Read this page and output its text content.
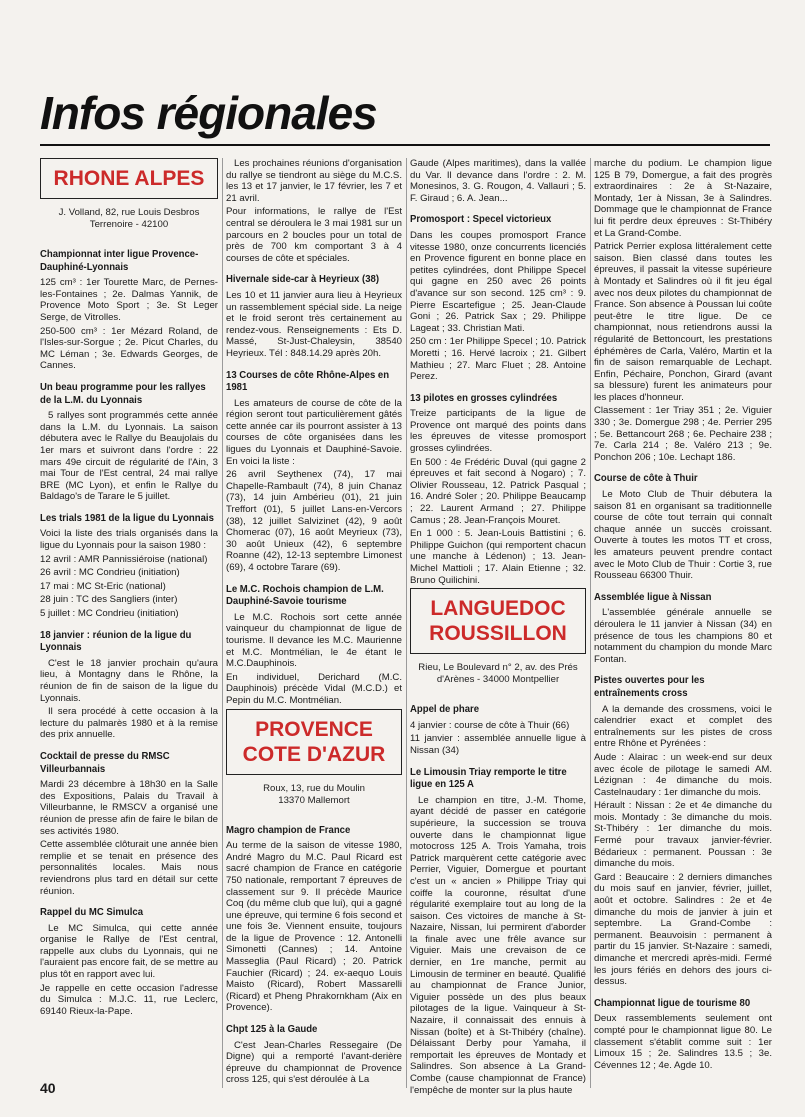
Infos régionales
RHONE ALPES
J. Volland, 82, rue Louis Desbros
Terrenoire - 42100
Championnat inter ligue Provence-Dauphiné-Lyonnais
125 cm³ : 1er Tourette Marc, de Pernes-les-Fontaines ; 2e. Dalmas Yannik, de Provence Moto Sport ; 3e. St Leger Serge, de Vitrolles.
250-500 cm³ : 1er Mézard Roland, de l'Isles-sur-Sorgue ; 2e. Picut Charles, du MC Léman ; 3e. Edwards Georges, de Cannes.
Un beau programme pour les rallyes de la L.M. du Lyonnais
5 rallyes sont programmés cette année dans la L.M. du Lyonnais. La saison débutera avec le Rallye du Beaujolais du 1er mars et suivront dans l'ordre : 22 mars 49e circuit de régularité de l'Ain, 3 mai Tour de l'Est central, 24 mai rallye BRE (MC Lyon), et enfin le Rallye du Baldago's de Tarare le 5 juillet.
Les trials 1981 de la ligue du Lyonnais
Voici la liste des trials organisés dans la ligue du Lyonnais pour la saison 1980 :
12 avril : AMR Pannissiéroise (national)
26 avril : MC Condrieu (initiation)
17 mai : MC St-Eric (national)
28 juin : TC des Sangliers (inter)
5 juillet : MC Condrieu (initiation)
18 janvier : réunion de la ligue du Lyonnais
C'est le 18 janvier prochain qu'aura lieu, à Montagny dans le Rhône, la réunion de fin de saison de la ligue du Lyonnais.
Il sera procédé à cette occasion à la lecture du palmarès 1980 et à la remise des prix annuelle.
Cocktail de presse du RMSC Villeurbannais
Mardi 23 décembre à 18h30 en la Salle des Expositions, Palais du Travail à Villeurbanne, le RMSCV a organisé une réunion de presse afin de faire le bilan de ses activités 1980.
Cette assemblée clôturait une année bien remplie et se tenait en présence des personnalités locales. Mais nous reviendrons plus tard en détail sur cette réunion.
Rappel du MC Simulca
Le MC Simulca, qui cette année organise le Rallye de l'Est central, rappelle aux clubs du Lyonnais, qui ne l'auraient pas encore fait, de se mettre au plus tôt en rapport avec lui.
Je rappelle en cette occasion l'adresse du Simulca : M.J.C. 11, rue Leclerc, 69140 Rieux-la-Pape.
Les prochaines réunions d'organisation du rallye se tiendront au siège du M.C.S. les 13 et 17 janvier, le 17 février, les 7 et 21 avril.
Pour informations, le rallye de l'Est central se déroulera le 3 mai 1981 sur un parcours en 2 boucles pour un total de près de 700 km comportant 3 à 4 courses de côte et spéciales.
Hivernale side-car à Heyrieux (38)
Les 10 et 11 janvier aura lieu à Heyrieux un rassemblement spécial side. La neige et le froid seront très certainement au rendez-vous. Renseignements : Ets D. Massé, St-Just-Chaleysin, 38540 Heyrieux. Tél : 848.14.29 après 20h.
13 Courses de côte Rhône-Alpes en 1981
Les amateurs de course de côte de la région seront tout particulièrement gâtés cette année car ils pourront assister à 13 courses de côte organisées dans les ligues du Lyonnais et Dauphiné-Savoie. En voici la liste :
26 avril Seythenex (74), 17 mai Chapelle-Rambault (74), 8 juin Chanaz (73), 14 juin Ambérieu (01), 21 juin Treffort (01), 5 juillet Lans-en-Vercors (38), 12 juillet Salvizinet (42), 9 août Chomerac (07), 16 août Meyrieux (73), 30 août Unieux (42), 6 septembre Roanne (42), 12-13 septembre Limonest (69), 4 octobre Tarare (69).
Le M.C. Rochois champion de L.M. Dauphiné-Savoie tourisme
Le M.C. Rochois sort cette année vainqueur du championnat de ligue de tourisme. Il devance les M.C. Maurienne et M.C. Montmélian, le 4e étant le M.C.Dauphinois.
En individuel, Derichard (M.C. Dauphinois) précède Vidal (M.C.D.) et Pepin du M.C. Montmélian.
PROVENCE COTE D'AZUR
Roux, 13, rue du Moulin
13370 Mallemort
Magro champion de France
Au terme de la saison de vitesse 1980, André Magro du M.C. Paul Ricard est sacré champion de France en catégorie 750 nationale, remportant 7 épreuves de classement sur 9. Il précède Maurice Coq (du même club que lui), qui a gagné une épreuve, qui termine 6 fois second et une fois 3e. Viennent ensuite, toujours de la ligue de Provence : 12. Antonelli Simonetti (Cannes) ; 14. Antoine Masseglia (Paul Ricard) ; 20. Patrick Fauchier (Ricard) ; 24. ex-aequo Louis Maisto (Ricard), Robert Massarelli (Ricard) et Pheng Phrakornkham (Aix en Provence).
Chpt 125 à la Gaude
C'est Jean-Charles Ressegaire (De Digne) qui a remporté l'avant-derière épreuve du championnat de Provence cross 125, qui s'est déroulée à La
Gaude (Alpes maritimes), dans la vallée du Var. Il devance dans l'ordre : 2. M. Monesinos, 3. G. Rougon, 4. Vallauri ; 5. F. Giraud ; 6. A. Jean...
Promosport : Specel victorieux
Dans les coupes promosport France vitesse 1980, onze concurrents licenciés en Provence figurent en bonne place en petites cylindrées, dont Philippe Specel qui gagne en 250 avec 26 points d'avance sur son second. 125 cm³ : 9. Pierre Escartefigue ; 25. Jean-Claude Goni ; 26. Patrick Sax ; 29. Philippe Lageat ; 33. Christian Mati.
250 cm : 1er Philippe Specel ; 10. Patrick Moretti ; 16. Hervé lacroix ; 21. Gilbert Mathieu ; 27. Marc Fluet ; 28. Antoine Perez.
13 pilotes en grosses cylindrées
Treize participants de la ligue de Provence ont marqué des points dans les épreuves de vitesse promosport grosses cylindrées.
En 500 : 4e Frédéric Duval (qui gagne 2 épreuves et fait second à Nogaro) ; 7. Olivier Rousseau, 12. Patrick Pasqual ; 16. André Soler ; 20. Philippe Beaucamp ; 22. Laurent Armand ; 27. Philippe Camus ; 28. Jean-François Mouret.
En 1 000 : 5. Jean-Louis Battistini ; 6. Philippe Guichon (qui remportent chacun une manche à Lédenon) ; 13. Jean-Michel Mattioli ; 17. Alain Etienne ; 32. Bruno Quilichini.
LANGUEDOC ROUSSILLON
Rieu, Le Boulevard n° 2, av. des Prés
d'Arènes - 34000 Montpellier
Appel de phare
4 janvier : course de côte à Thuir (66)
11 janvier : assemblée annuelle ligue à Nissan (34)
Le Limousin Triay remporte le titre ligue en 125 A
Le champion en titre, J.-M. Thome, ayant décidé de passer en catégorie supérieure, la succession se trouva ouverte dans le championnat ligue motocross 125 A. Trois Yamaha, trois Patrick marquèrent cette catégorie avec Perrier, Viguier, Domergue et pourtant c'est un « ancien » Philippe Triay qui coiffe la couronne, résultat d'une régularité exemplaire tout au long de la saison. Ces victoires de manche à St-Nazaire, Nissan, lui permirent d'aborder la finale avec une frêle avance sur Viguier. Mais une crevaison de ce dernier, en 1re manche, permit au Limousin de terminer en beauté. Qualifié au championnat de France Junior, Viguier possède un des plus beaux pilotages de la ligue. Vainqueur à St-Nazaire, il connaissait des ennuis à Nissan (boîte) et à St-Thibéry (chaîne). Délaissant Derby pour Yamaha, il remportait les épreuves de Montady et Salindres. Son absence à La Grand-Combe (cause championnat de France) l'empêche de monter sur la plus haute
marche du podium. Le champion ligue 125 B 79, Domergue, a fait des progrès extraordinaires : 2e à St-Nazaire, Montady, 1er à Nissan, 3e à Salindres. Dommage que le championnat de France lui fit perdre deux épreuves : St-Thibéry et La Grand-Combe.
Patrick Perrier explosa littéralement cette saison. Bien classé dans toutes les épreuves, il passait la vitesse supérieure à Montady et Salindres où il fit jeu égal avec nos deux pilotes du championnat de France. Son absence à Poussan lui coûte peut-être le titre ligue. De ce championnat, nous retiendrons aussi la régularité de Bettoncourt, les prestations éphémères de Carla, Valéro, Martin et la fin de saison remarquable de Lechapt. Enfin, Péchaire, Ponchon, Girard (avant sa blessure) furent les animateurs pour les places d'honneur.
Classement : 1er Triay 351 ; 2e. Viguier 330 ; 3e. Domergue 298 ; 4e. Perrier 295 ; 5e. Bettancourt 268 ; 6e. Pechaire 238 ; 7e. Carla 214 ; 8e. Valéro 213 ; 9e. Ponchon 206 ; 10e. Lechapt 186.
Course de côte à Thuir
Le Moto Club de Thuir débutera la saison 81 en organisant sa traditionnelle course de côte tout terrain qui connaît chaque année un succès croissant. Ouverte à toutes les motos TT et cross, les amateurs peuvent prendre contact avec le Moto Club de Thuir : Cortie 3, rue Rousseau 66300 Thuir.
Assemblée ligue à Nissan
L'assemblée générale annuelle se déroulera le 11 janvier à Nissan (34) en présence de tous les champions 80 et notamment du champion du monde Marc Fontan.
Pistes ouvertes pour les entraînements cross
A la demande des crossmens, voici le calendrier exact et complet des entraînements sur les pistes de cross entre Rhône et Pyrénées :
Aude : Alairac : un week-end sur deux avec école de pilotage le samedi AM. Lézignan : 4e dimanche du mois. Castelnaudary : 1er dimanche du mois.
Hérault : Nissan : 2e et 4e dimanche du mois. Montady : 3e dimanche du mois. St-Thibéry : 1er dimanche du mois. Fermé pour travaux janvier-février. Bédarieux : permanent. Poussan : 3e dimanche du mois.
Gard : Beaucaire : 2 derniers dimanches du mois sauf en janvier, février, juillet, août et octobre. Salindres : 2e et 4e dimanche du mois de janvier à juin et septembre. La Grand-Combe : permanent. Beauvoisin : permanent à partir du 15 janvier. St-Nazaire : samedi, dimanche et mercredi après-midi. Fermé les jours fériés en dehors des jours ci-dessus.
Championnat ligue de tourisme 80
Deux rassemblements seulement ont compté pour le championnat ligue 80. Le classement s'établit comme suit : 1er Limoux 15 ; 2e. Salindres 13.5 ; 3e. Cévennes 12 ; 4e. Agde 10.
40
